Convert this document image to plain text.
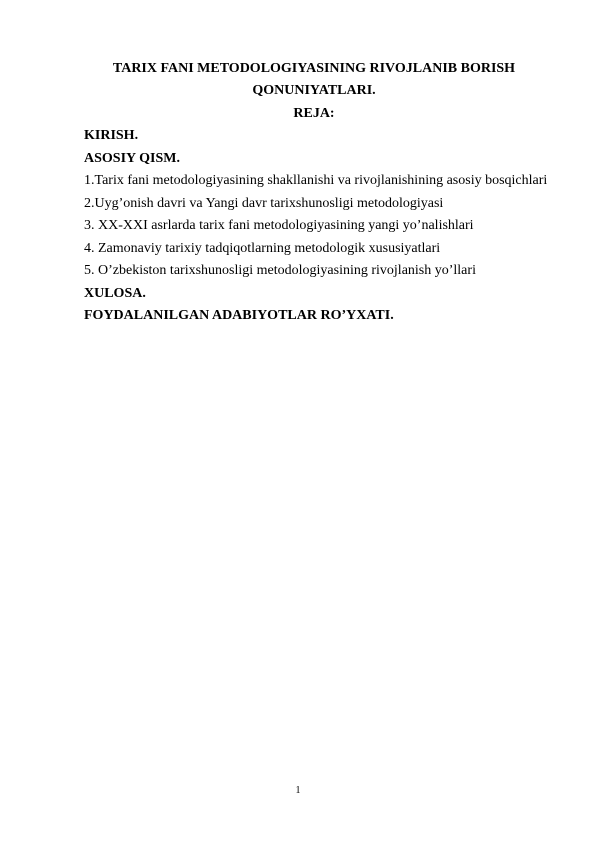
TARIX FANI METODOLOGIYASINING RIVOJLANIB BORISH
QONUNIYATLARI.
REJA:
KIRISH.
ASOSIY QISM.
1.Tarix fani metodologiyasining shakllanishi va rivojlanishining asosiy bosqichlari
2.Uyg’onish davri va Yangi davr tarixshunosligi metodologiyasi
3. XX-XXI asrlarda tarix fani metodologiyasining yangi yo’nalishlari
4. Zamonaviy tarixiy tadqiqotlarning metodologik xususiyatlari
5. O’zbekiston tarixshunosligi metodologiyasining rivojlanish yo’llari
XULOSA.
FOYDALANILGAN ADABIYOTLAR RO’YXATI.
1
